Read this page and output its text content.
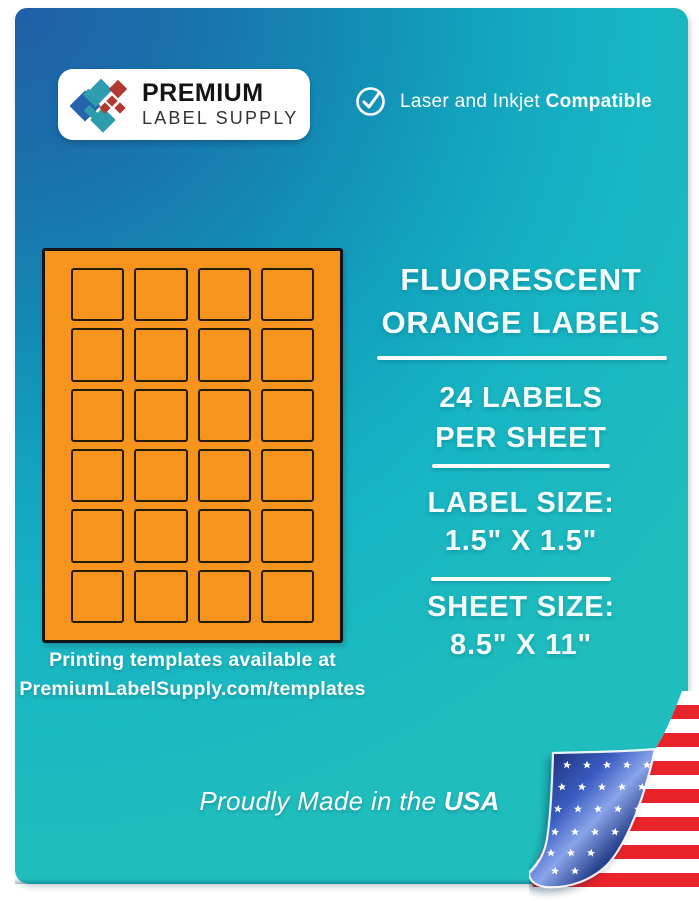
PREMIUM
LABEL SUPPLY
Laser and Inkjet Compatible
Printing templates available at
PremiumLabelSupply.com/templates
FLUORESCENT
ORANGE LABELS
24 LABELS
PER SHEET
LABEL SIZE:
1.5" X 1.5"
SHEET SIZE:
8.5" X 11"
Proudly Made in the USA
